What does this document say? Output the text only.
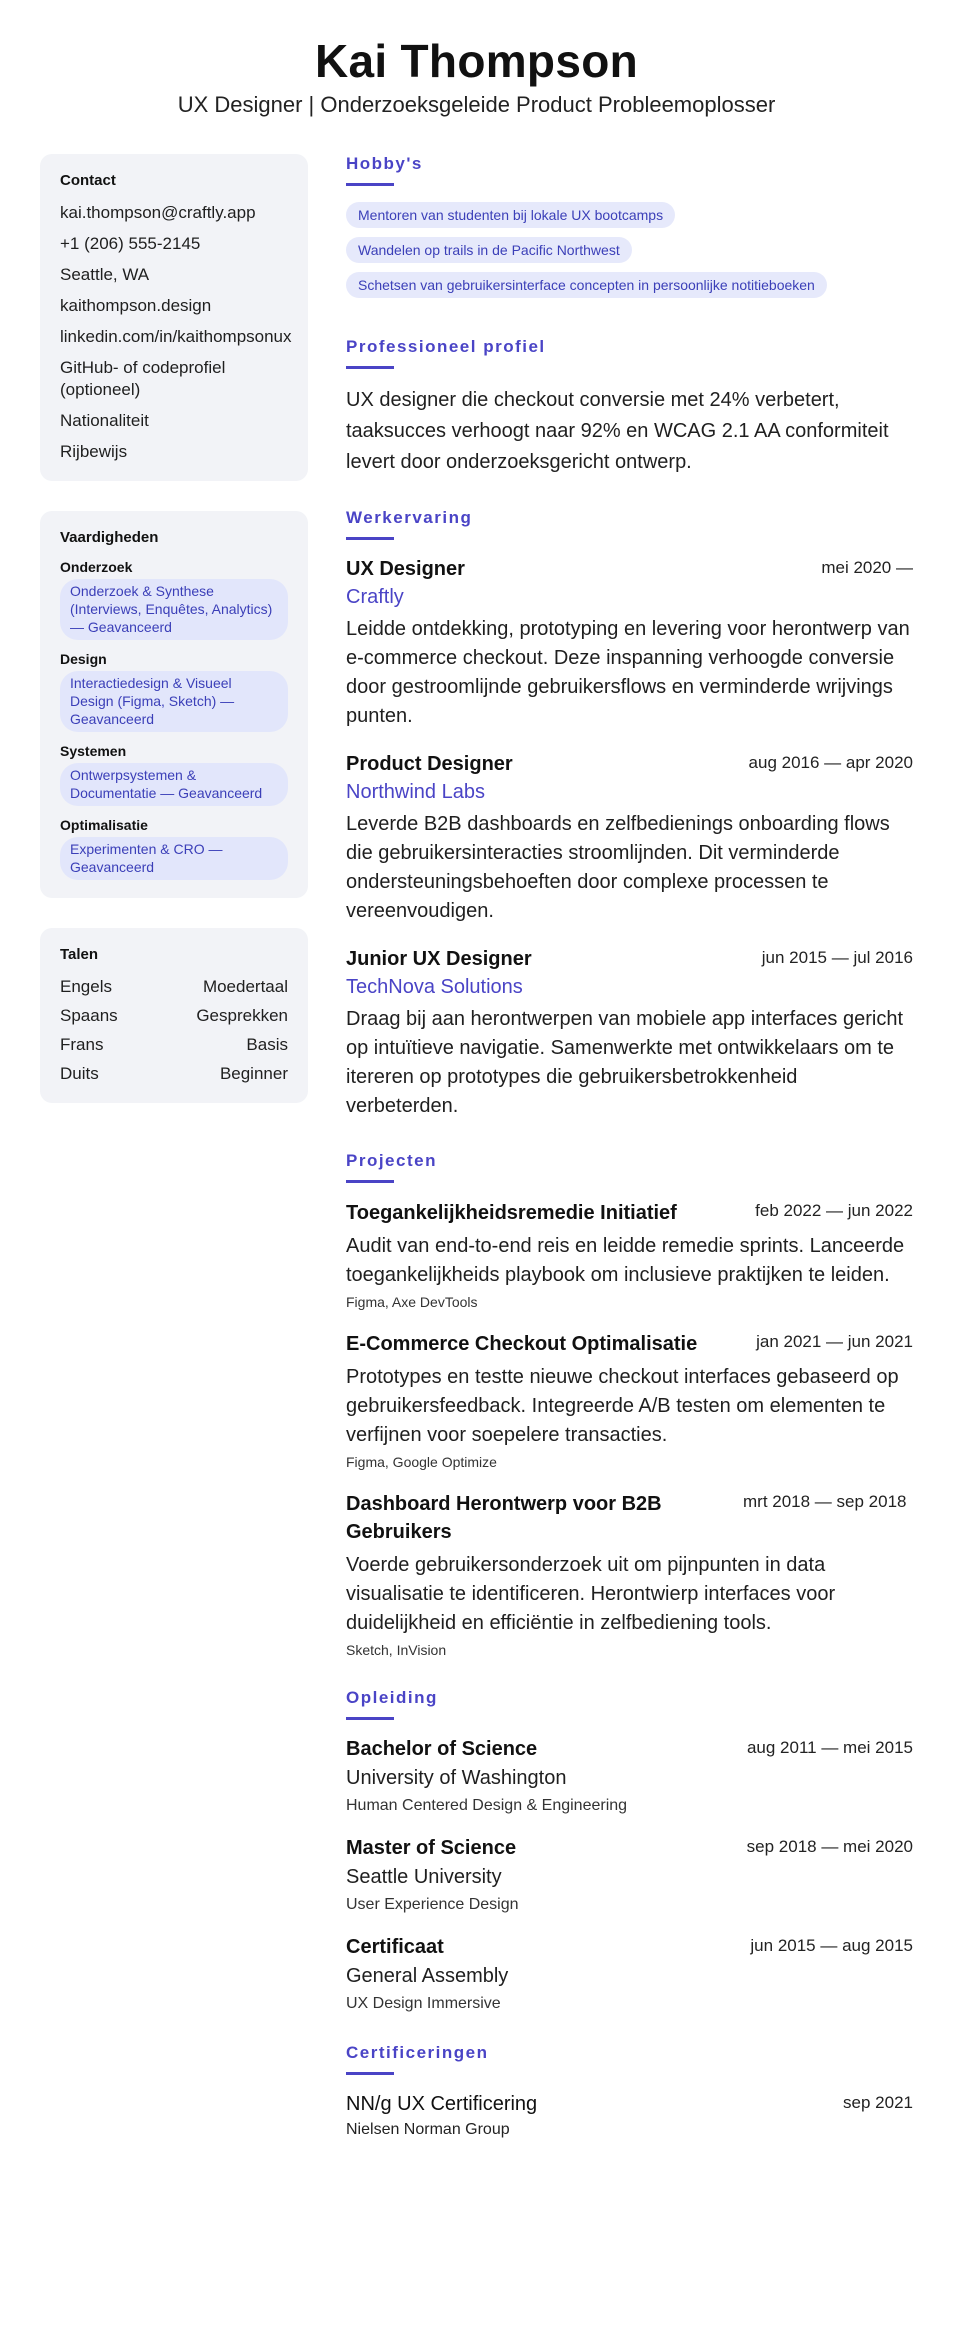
Kai Thompson
UX Designer | Onderzoeksgeleide Product Probleemoplosser
Contact
kai.thompson@craftly.app
+1 (206) 555-2145
Seattle, WA
kaithompson.design
linkedin.com/in/kaithompsonux
GitHub- of codeprofiel (optioneel)
Nationaliteit
Rijbewijs
Vaardigheden
Onderzoek
Onderzoek & Synthese (Interviews, Enquêtes, Analytics) — Geavanceerd
Design
Interactiedesign & Visueel Design (Figma, Sketch) — Geavanceerd
Systemen
Ontwerpsystemen & Documentatie — Geavanceerd
Optimalisatie
Experimenten & CRO — Geavanceerd
Talen
Engels	Moedertaal
Spaans	Gesprekken
Frans	Basis
Duits	Beginner
Hobby's
Mentoren van studenten bij lokale UX bootcamps
Wandelen op trails in de Pacific Northwest
Schetsen van gebruikersinterface concepten in persoonlijke notitieboeken
Professioneel profiel
UX designer die checkout conversie met 24% verbetert, taaksucces verhoogt naar 92% en WCAG 2.1 AA conformiteit levert door onderzoeksgericht ontwerp.
Werkervaring
UX Designer	mei 2020 —
Craftly
Leidde ontdekking, prototyping en levering voor herontwerp van e-commerce checkout. Deze inspanning verhoogde conversie door gestroomlijnde gebruikersflows en verminderde wrijvings punten.
Product Designer	aug 2016 — apr 2020
Northwind Labs
Leverde B2B dashboards en zelfbedienings onboarding flows die gebruikersinteracties stroomlijnden. Dit verminderde ondersteuningsbehoeften door complexe processen te vereenvoudigen.
Junior UX Designer	jun 2015 — jul 2016
TechNova Solutions
Draag bij aan herontwerpen van mobiele app interfaces gericht op intuïtieve navigatie. Samenwerkte met ontwikkelaars om te itereren op prototypes die gebruikersbetrokkenheid verbeterden.
Projecten
Toegankelijkheidsremedie Initiatief	feb 2022 — jun 2022
Audit van end-to-end reis en leidde remedie sprints. Lanceerde toegankelijkheids playbook om inclusieve praktijken te leiden.
Figma, Axe DevTools
E-Commerce Checkout Optimalisatie	jan 2021 — jun 2021
Prototypes en testte nieuwe checkout interfaces gebaseerd op gebruikersfeedback. Integreerde A/B testen om elementen te verfijnen voor soepelere transacties.
Figma, Google Optimize
Dashboard Herontwerp voor B2B Gebruikers
mrt 2018 — sep 2018
Voerde gebruikersonderzoek uit om pijnpunten in data visualisatie te identificeren. Herontwierp interfaces voor duidelijkheid en efficiëntie in zelfbediening tools.
Sketch, InVision
Opleiding
Bachelor of Science	aug 2011 — mei 2015
University of Washington
Human Centered Design & Engineering
Master of Science	sep 2018 — mei 2020
Seattle University
User Experience Design
Certificaat	jun 2015 — aug 2015
General Assembly
UX Design Immersive
Certificeringen
NN/g UX Certificering	sep 2021
Nielsen Norman Group
